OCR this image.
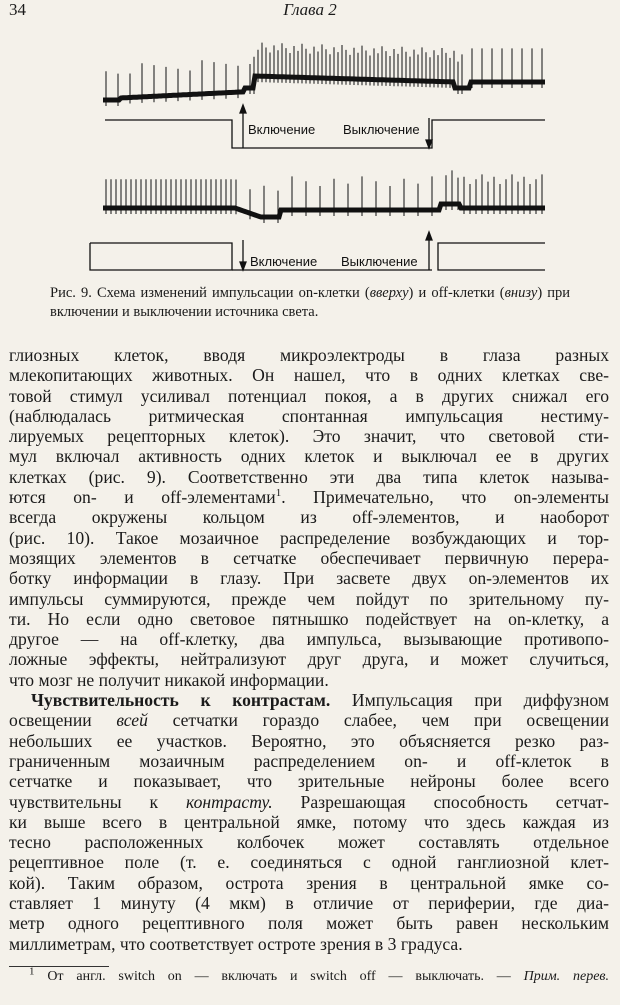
34	Глава 2
Включение Выключение
Включение Выключение
Рис. 9. Схема изменений импульсации on-клетки (вверху) и off-клетки (внизу) при включении и выключении источника света.
глиозных клеток, вводя микроэлектроды в глаза разных
млекопитающих животных. Он нашел, что в одних клетках све-
товой стимул усиливал потенциал покоя, а в других снижал его
(наблюдалась ритмическая спонтанная импульсация нестиму-
лируемых рецепторных клеток). Это значит, что световой сти-
мул включал активность одних клеток и выключал ее в других
клетках (рис. 9). Соответственно эти два типа клеток называ-
ются on- и off-элементами$^1$. Примечательно, что on-элементы
всегда окружены кольцом из off-элементов, и наоборот
(рис. 10). Такое мозаичное распределение возбуждающих и тор-
мозящих элементов в сетчатке обеспечивает первичную перера-
ботку информации в глазу. При засвете двух on-элементов их
импульсы суммируются, прежде чем пойдут по зрительному пу-
ти. Но если одно световое пятнышко подействует на on-клетку, а
другое — на off-клетку, два импульса, вызывающие противопо-
ложные эффекты, нейтрализуют друг друга, и может случиться,
что мозг не получит никакой информации.
Чувствительность к контрастам. Импульсация при диффузном
освещении всей сетчатки гораздо слабее, чем при освещении
небольших ее участков. Вероятно, это объясняется резко раз-
граниченным мозаичным распределением on- и off-клеток в
сетчатке и показывает, что зрительные нейроны более всего
чувствительны к контрасту. Разрешающая способность сетчат-
ки выше всего в центральной ямке, потому что здесь каждая из
тесно расположенных колбочек может составлять отдельное
рецептивное поле (т. е. соединяться с одной ганглиозной клет-
кой). Таким образом, острота зрения в центральной ямке со-
ставляет 1 минуту (4 мкм) в отличие от периферии, где диа-
метр одного рецептивного поля может быть равен нескольким
миллиметрам, что соответствует остроте зрения в 3 градуса.
$^1$ От англ. switch on — включать и switch off — выключать. — Прим. перев.
